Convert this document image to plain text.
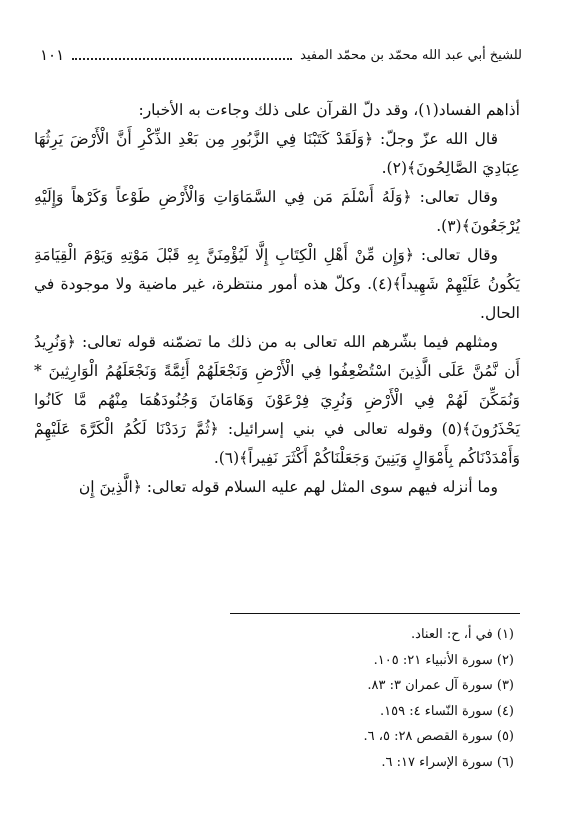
للشيخ أبي عبد الله محمّد بن محمّد المفيد
١٠١

أذاهم الفساد(١)، وقد دلّ القرآن على ذلك وجاءت به الأخبار:

قال الله عزّ وجلّ: ﴿وَلَقَدْ كَتَبْنَا فِي الزَّبُورِ مِن بَعْدِ الذِّكْرِ أَنَّ الْأَرْضَ يَرِثُهَا عِبَادِيَ الصَّالِحُونَ﴾(٢).

وقال تعالى: ﴿وَلَهُ أَسْلَمَ مَن فِي السَّمَاوَاتِ وَالْأَرْضِ طَوْعاً وَكَرْهاً وَإِلَيْهِ يُرْجَعُونَ﴾(٣).

وقال تعالى: ﴿وَإِن مِّنْ أَهْلِ الْكِتَابِ إِلَّا لَيُؤْمِنَنَّ بِهِ قَبْلَ مَوْتِهِ وَيَوْمَ الْقِيَامَةِ يَكُونُ عَلَيْهِمْ شَهِيداً﴾(٤). وكلّ هذه أمور منتظرة، غير ماضية ولا موجودة في الحال.

ومثلهم فيما بشّرهم الله تعالى به من ذلك ما تضمّنه قوله تعالى: ﴿وَنُرِيدُ أَن نَّمُنَّ عَلَى الَّذِينَ اسْتُضْعِفُوا فِي الْأَرْضِ وَنَجْعَلَهُمْ أَئِمَّةً وَنَجْعَلَهُمُ الْوَارِثِينَ * وَنُمَكِّنَ لَهُمْ فِي الْأَرْضِ وَنُرِيَ فِرْعَوْنَ وَهَامَانَ وَجُنُودَهُمَا مِنْهُم مَّا كَانُوا يَحْذَرُونَ﴾(٥) وقوله تعالى في بني إسرائيل: ﴿ثُمَّ رَدَدْنَا لَكُمُ الْكَرَّةَ عَلَيْهِمْ وَأَمْدَدْنَاكُم بِأَمْوَالٍ وَبَنِينَ وَجَعَلْنَاكُمْ أَكْثَرَ نَفِيراً﴾(٦).

وما أنزله فيهم سوى المثل لهم عليه السلام قوله تعالى: ﴿الَّذِينَ إِن

(١) في أ، ح: العناد.
(٢) سورة الأنبياء ٢١: ١٠٥.
(٣) سورة آل عمران ٣: ٨٣.
(٤) سورة النّساء ٤: ١٥٩.
(٥) سورة القصص ٢٨: ٥، ٦.
(٦) سورة الإسراء ١٧: ٦.
